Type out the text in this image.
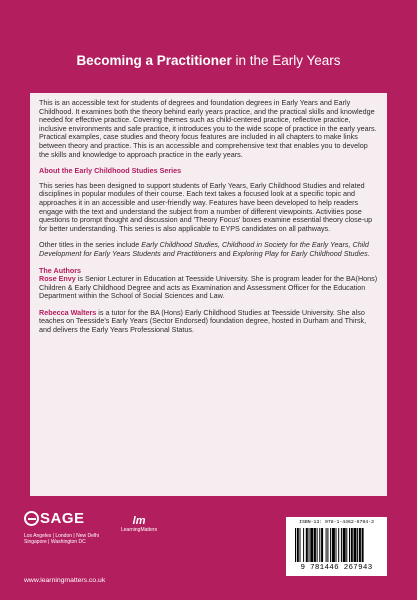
Becoming a Practitioner in the Early Years

This is an accessible text for students of degrees and foundation degrees in Early Years and Early Childhood. It examines both the theory behind early years practice, and the practical skills and knowledge needed for effective practice. Covering themes such as child-centered practice, reflective practice, inclusive environments and safe practice, it introduces you to the wide scope of practice in the early years. Practical examples, case studies and theory focus features are included in all chapters to make links between theory and practice. This is an accessible and comprehensive text that enables you to develop the skills and knowledge to approach practice in the early years.

About the Early Childhood Studies Series

This series has been designed to support students of Early Years, Early Childhood Studies and related disciplines in popular modules of their course. Each text takes a focused look at a specific topic and approaches it in an accessible and user-friendly way. Features have been developed to help readers engage with the text and understand the subject from a number of different viewpoints. Activities pose questions to prompt thought and discussion and 'Theory Focus' boxes examine essential theory close-up for better understanding. This series is also applicable to EYPS candidates on all pathways.

Other titles in the series include Early Childhood Studies, Childhood in Society for the Early Years, Child Development for Early Years Students and Practitioners and Exploring Play for Early Childhood Studies.

The Authors

Rose Envy is Senior Lecturer in Education at Teesside University. She is program leader for the BA(Hons) Children & Early Childhood Degree and acts as Examination and Assessment Officer for the Education Department within the School of Social Sciences and Law.

Rebecca Walters is a tutor for the BA (Hons) Early Childhood Studies at Teesside University. She also teaches on Teesside's Early Years (Sector Endorsed) foundation degree, hosted in Durham and Thirsk, and delivers the Early Years Professional Status.

SAGE
Los Angeles | London | New Delhi
Singapore | Washington DC
lm
LearningMatters
www.learningmatters.co.uk
ISBN-13: 978-1-4462-6794-3
9 781446 267943
